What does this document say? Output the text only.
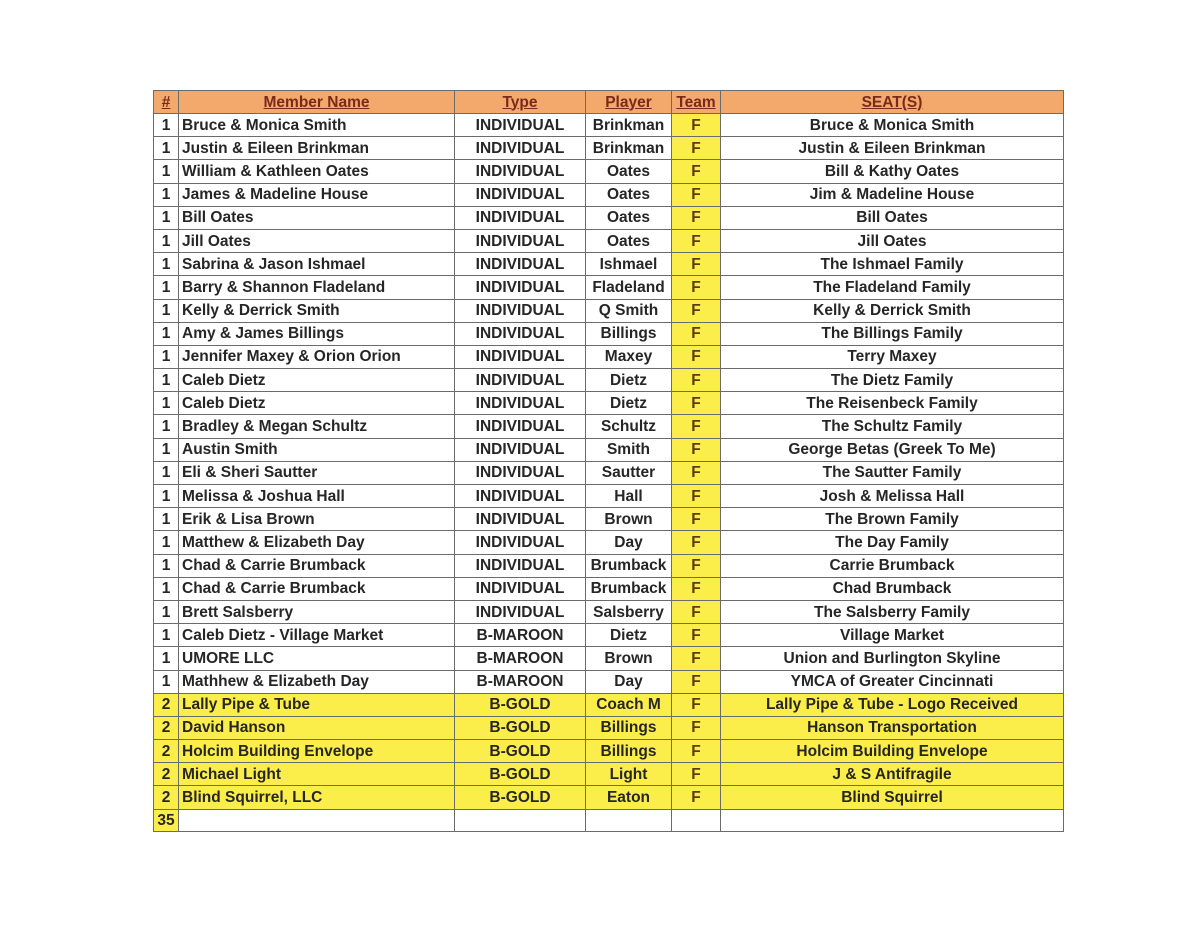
#	Member Name	Type	Player	Team	SEAT(S)
1	Bruce & Monica Smith	INDIVIDUAL	Brinkman	F	Bruce & Monica Smith
1	Justin & Eileen Brinkman	INDIVIDUAL	Brinkman	F	Justin & Eileen Brinkman
1	William & Kathleen Oates	INDIVIDUAL	Oates	F	Bill & Kathy Oates
1	James & Madeline House	INDIVIDUAL	Oates	F	Jim & Madeline House
1	Bill Oates	INDIVIDUAL	Oates	F	Bill Oates
1	Jill Oates	INDIVIDUAL	Oates	F	Jill Oates
1	Sabrina & Jason Ishmael	INDIVIDUAL	Ishmael	F	The Ishmael Family
1	Barry & Shannon Fladeland	INDIVIDUAL	Fladeland	F	The Fladeland Family
1	Kelly & Derrick Smith	INDIVIDUAL	Q Smith	F	Kelly & Derrick Smith
1	Amy & James Billings	INDIVIDUAL	Billings	F	The Billings Family
1	Jennifer Maxey & Orion Orion	INDIVIDUAL	Maxey	F	Terry Maxey
1	Caleb Dietz	INDIVIDUAL	Dietz	F	The Dietz Family
1	Caleb Dietz	INDIVIDUAL	Dietz	F	The Reisenbeck Family
1	Bradley & Megan Schultz	INDIVIDUAL	Schultz	F	The Schultz Family
1	Austin Smith	INDIVIDUAL	Smith	F	George Betas (Greek To Me)
1	Eli & Sheri Sautter	INDIVIDUAL	Sautter	F	The Sautter Family
1	Melissa & Joshua Hall	INDIVIDUAL	Hall	F	Josh & Melissa Hall
1	Erik & Lisa Brown	INDIVIDUAL	Brown	F	The Brown Family
1	Matthew & Elizabeth Day	INDIVIDUAL	Day	F	The Day Family
1	Chad & Carrie Brumback	INDIVIDUAL	Brumback	F	Carrie Brumback
1	Chad & Carrie Brumback	INDIVIDUAL	Brumback	F	Chad Brumback
1	Brett Salsberry	INDIVIDUAL	Salsberry	F	The Salsberry Family
1	Caleb Dietz - Village Market	B-MAROON	Dietz	F	Village Market
1	UMORE LLC	B-MAROON	Brown	F	Union and Burlington Skyline
1	Mathhew & Elizabeth Day	B-MAROON	Day	F	YMCA of Greater Cincinnati
2	Lally Pipe & Tube	B-GOLD	Coach M	F	Lally Pipe & Tube - Logo Received
2	David Hanson	B-GOLD	Billings	F	Hanson Transportation
2	Holcim Building Envelope	B-GOLD	Billings	F	Holcim Building Envelope
2	Michael Light	B-GOLD	Light	F	J & S Antifragile
2	Blind Squirrel, LLC	B-GOLD	Eaton	F	Blind Squirrel
35					
